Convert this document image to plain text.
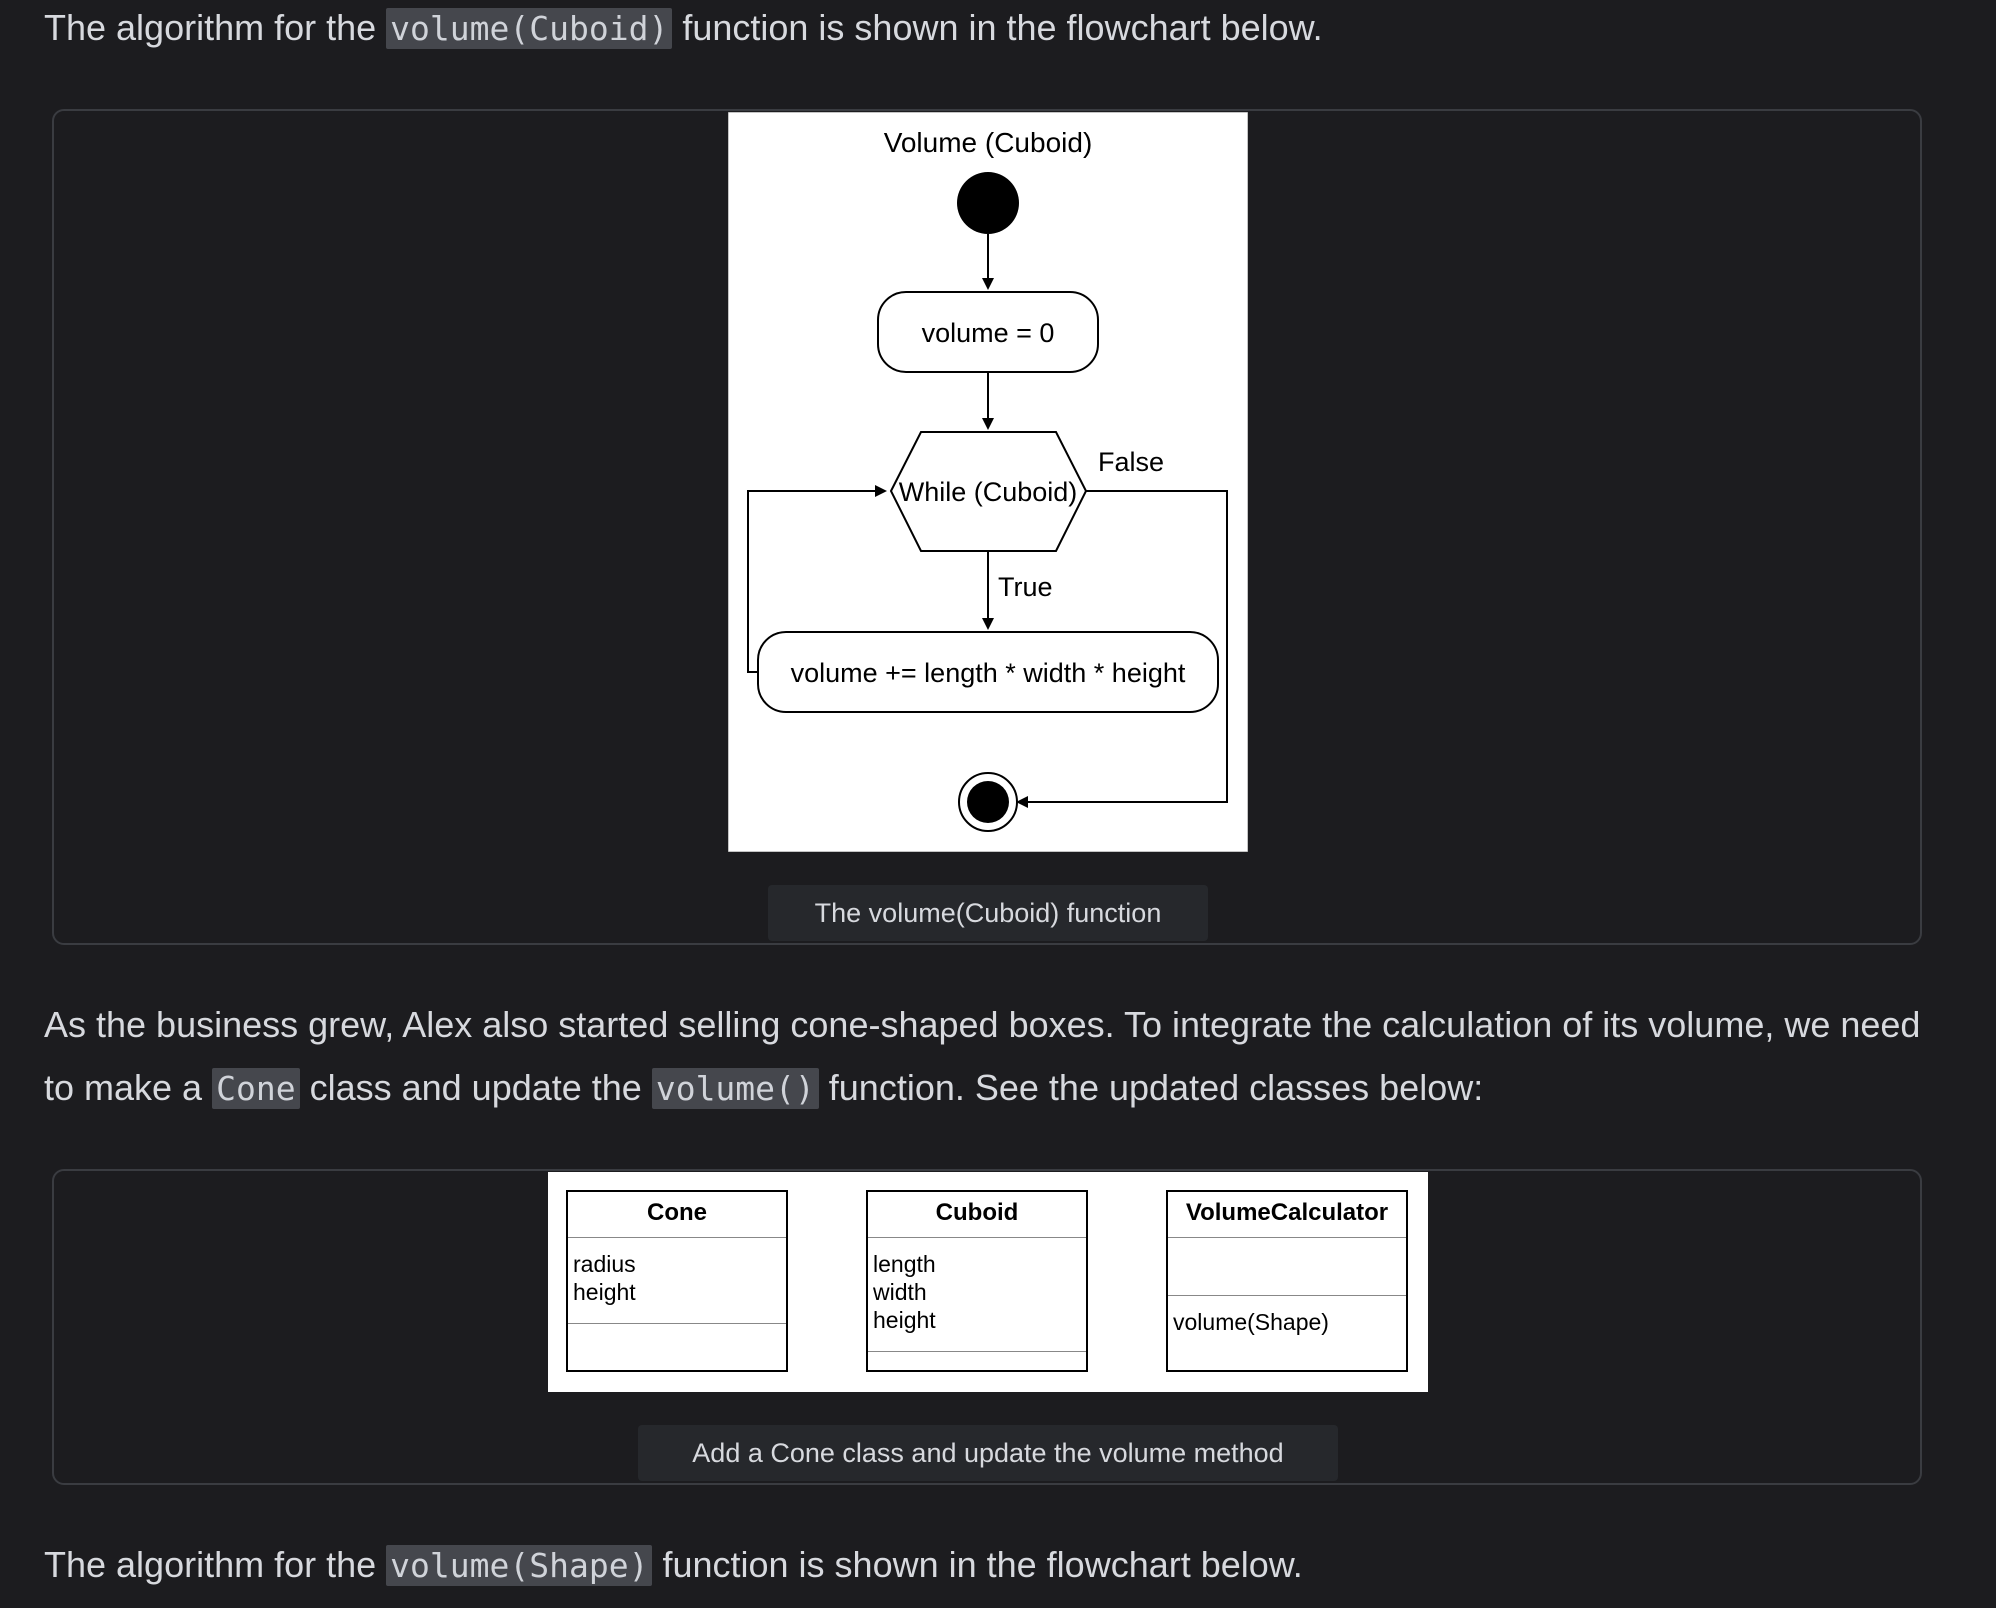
The algorithm for the volume(Cuboid) function is shown in the flowchart below.

Volume (Cuboid)
volume = 0
While (Cuboid)
False
True
volume += length * width * height
The volume(Cuboid) function

As the business grew, Alex also started selling cone-shaped boxes. To integrate the calculation of its volume, we need to make a Cone class and update the volume() function. See the updated classes below:

Cone
radius
height
Cuboid
length
width
height
VolumeCalculator
volume(Shape)
Add a Cone class and update the volume method

The algorithm for the volume(Shape) function is shown in the flowchart below.
